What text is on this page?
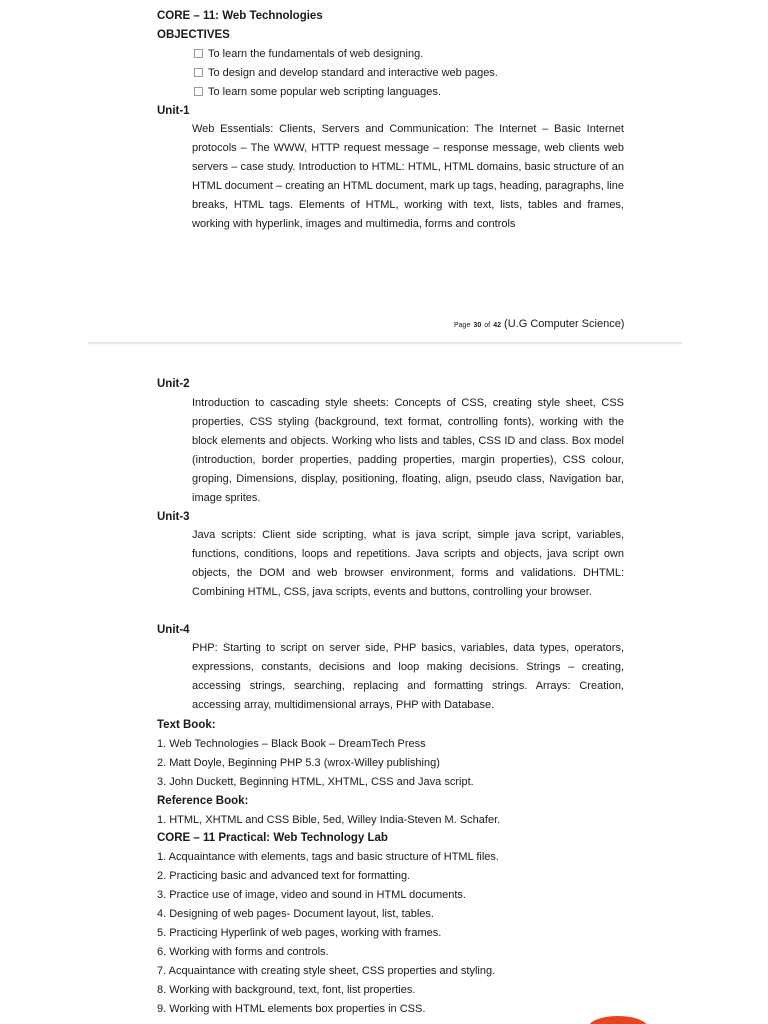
CORE – 11: Web Technologies
OBJECTIVES
To learn the fundamentals of web designing.
To design and develop standard and interactive web pages.
To learn some popular web scripting languages.
Unit-1

Web Essentials: Clients, Servers and Communication: The Internet – Basic Internet protocols – The WWW, HTTP request message – response message, web clients web servers – case study. Introduction to HTML: HTML, HTML domains, basic structure of an HTML document – creating an HTML document, mark up tags, heading, paragraphs, line breaks, HTML tags. Elements of HTML, working with text, lists, tables and frames, working with hyperlink, images and multimedia, forms and controls

Page 30 of 42 (U.G Computer Science)
Unit-2

Introduction to cascading style sheets: Concepts of CSS, creating style sheet, CSS properties, CSS styling (background, text format, controlling fonts), working with the block elements and objects. Working who lists and tables, CSS ID and class. Box model (introduction, border properties, padding properties, margin properties), CSS colour, groping, Dimensions, display, positioning, floating, align, pseudo class, Navigation bar, image sprites.

Unit-3

Java scripts: Client side scripting, what is java script, simple java script, variables, functions, conditions, loops and repetitions. Java scripts and objects, java script own objects, the DOM and web browser environment, forms and validations. DHTML: Combining HTML, CSS, java scripts, events and buttons, controlling your browser.

Unit-4

PHP: Starting to script on server side, PHP basics, variables, data types, operators, expressions, constants, decisions and loop making decisions. Strings – creating, accessing strings, searching, replacing and formatting strings. Arrays: Creation, accessing array, multidimensional arrays, PHP with Database.

Text Book:
1. Web Technologies – Black Book – DreamTech Press
2. Matt Doyle, Beginning PHP 5.3 (wrox-Willey publishing)
3. John Duckett, Beginning HTML, XHTML, CSS and Java script.
Reference Book:
1. HTML, XHTML and CSS Bible, 5ed, Willey India-Steven M. Schafer.
CORE – 11 Practical: Web Technology Lab
1. Acquaintance with elements, tags and basic structure of HTML files.
2. Practicing basic and advanced text for formatting.
3. Practice use of image, video and sound in HTML documents.
4. Designing of web pages- Document layout, list, tables.
5. Practicing Hyperlink of web pages, working with frames.
6. Working with forms and controls.
7. Acquaintance with creating style sheet, CSS properties and styling.
8. Working with background, text, font, list properties.
9. Working with HTML elements box properties in CSS.
